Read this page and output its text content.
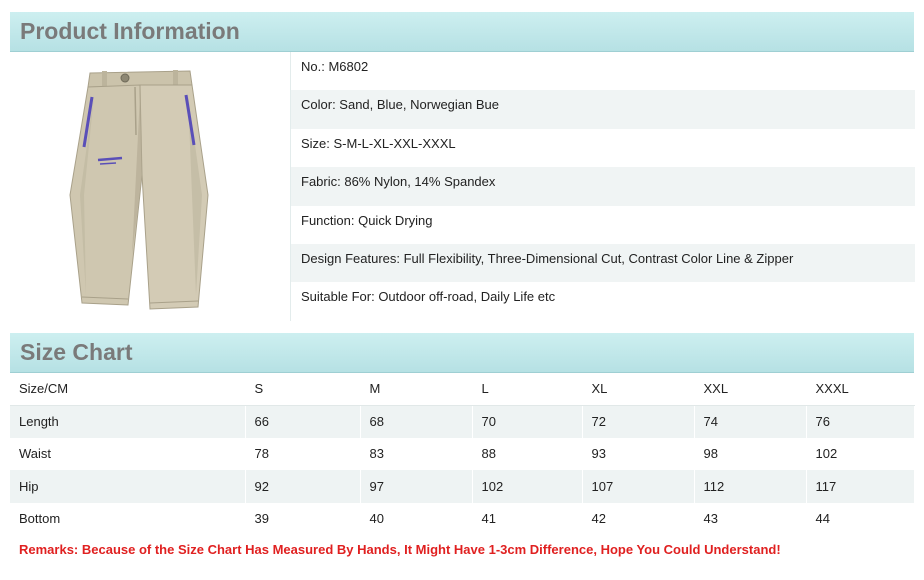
Product Information
No.: M6802
Color: Sand, Blue, Norwegian Bue
Size: S-M-L-XL-XXL-XXXL
Fabric: 86% Nylon, 14% Spandex
Function: Quick Drying
Design Features: Full Flexibility, Three-Dimensional Cut, Contrast Color Line & Zipper
Suitable For: Outdoor off-road, Daily Life etc
Size Chart
Size/CM	S	M	L	XL	XXL	XXXL
Length	66	68	70	72	74	76
Waist	78	83	88	93	98	102
Hip	92	97	102	107	112	117
Bottom	39	40	41	42	43	44
Remarks: Because of the Size Chart Has Measured By Hands, It Might Have 1-3cm Difference, Hope You Could Understand!
